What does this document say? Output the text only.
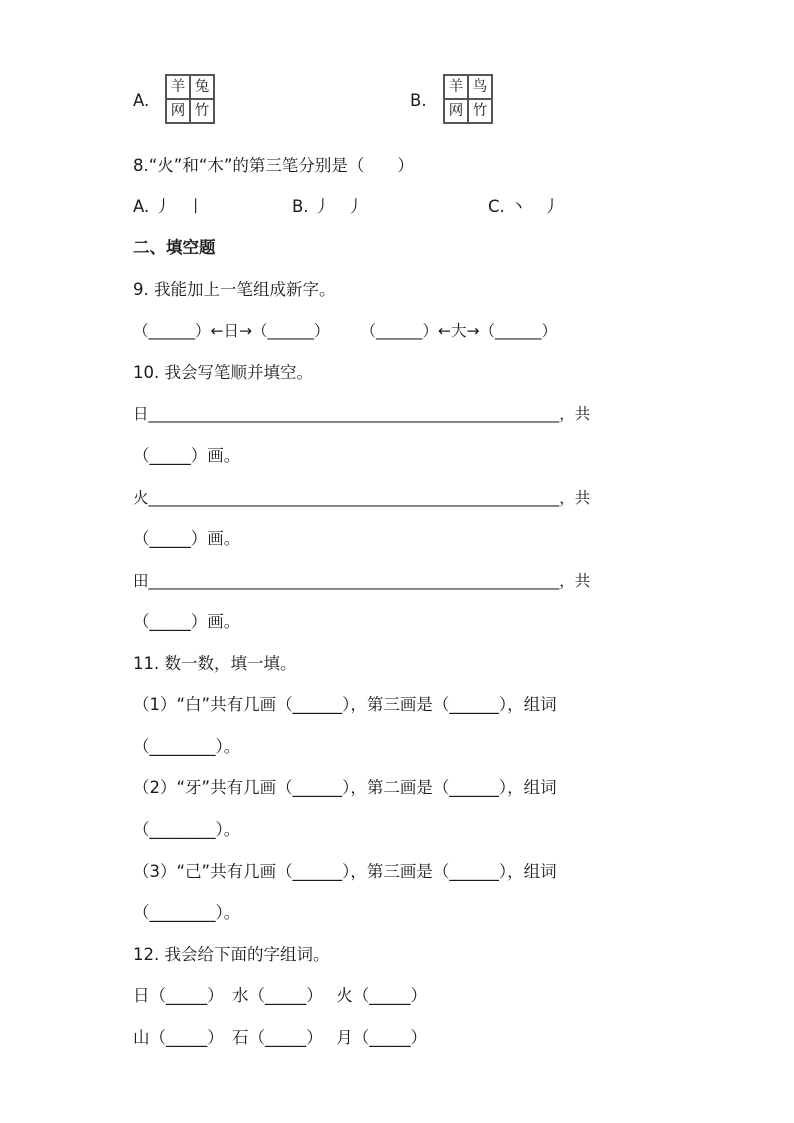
A.
羊 兔
网 竹
B.
羊 鸟
网 竹
8.“火”和“木”的第三笔分别是（　　）
A. 丿　丨	B. 丿　丿	C. 丶　丿
二、填空题
9. 我能加上一笔组成新字。
（______）←日→（______）　　　（______）←大→（______）
10. 我会写笔顺并填空。
日_____________________________________________________，共
（_____）画。
火_____________________________________________________，共
（_____）画。
田_____________________________________________________，共
（_____）画。
11. 数一数，填一填。
（1）“白”共有几画（______），第三画是（______），组词
（________）。
（2）“牙”共有几画（______），第二画是（______），组词
（________）。
（3）“己”共有几画（______），第三画是（______），组词
（________）。
12. 我会给下面的字组词。
日（_____）　水（_____）　 火（_____）
山（_____）　石（_____）　 月（_____）
